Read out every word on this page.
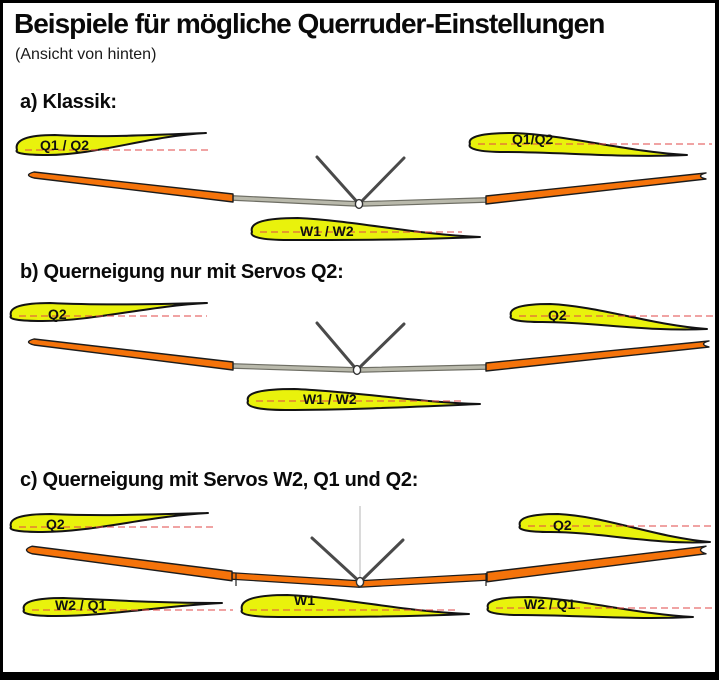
Beispiele für mögliche Querruder-Einstellungen
(Ansicht von hinten)
a) Klassik:
b) Querneigung nur mit Servos Q2:
c) Querneigung mit Servos W2, Q1 und Q2:
Q1 / Q2	Q1/Q2
W1 / W2
Q2	Q2
W1 / W2
Q2	Q2
W2 / Q1	W1	W2 / Q1
